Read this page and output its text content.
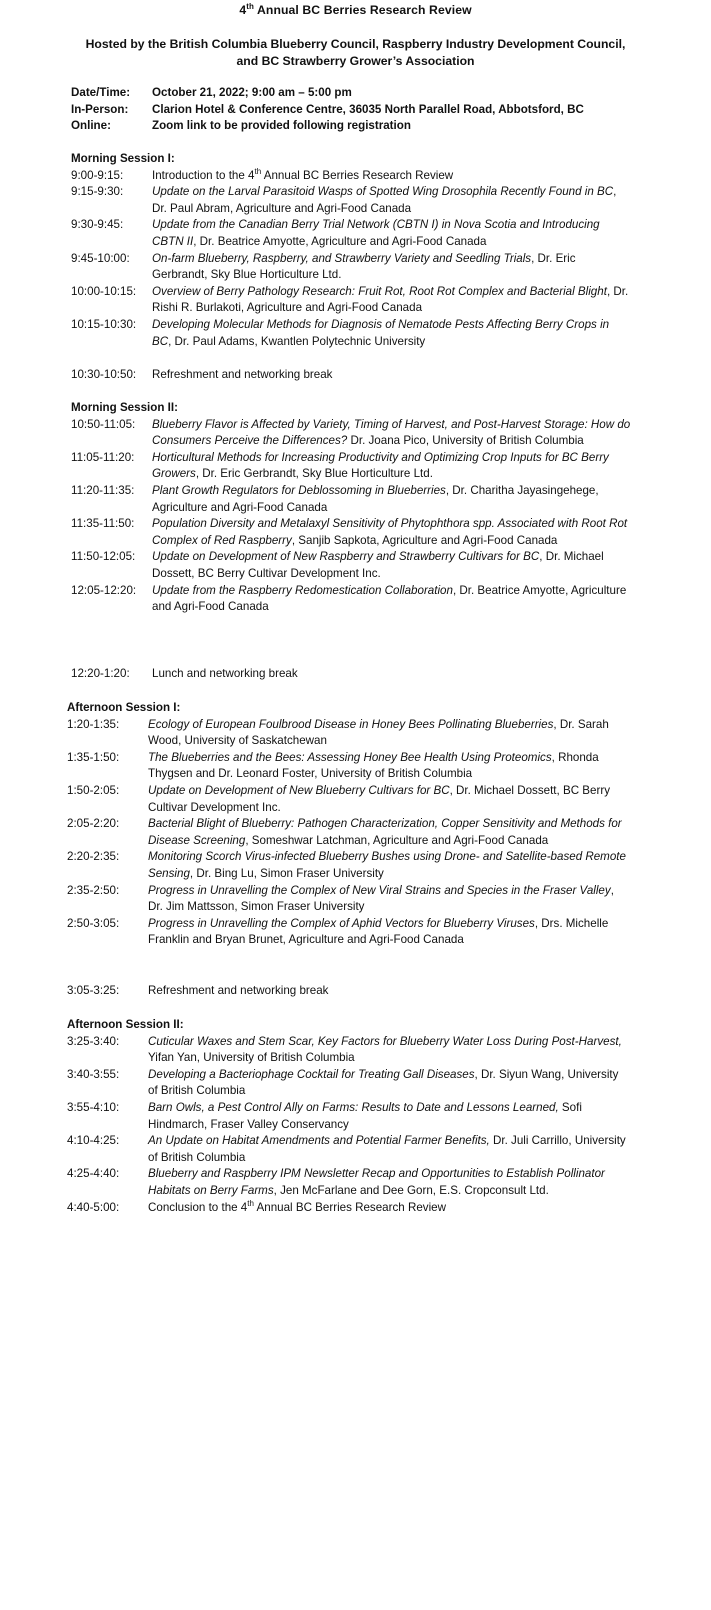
4th Annual BC Berries Research Review
Hosted by the British Columbia Blueberry Council, Raspberry Industry Development Council,
and BC Strawberry Grower’s Association
Date/Time: October 21, 2022; 9:00 am – 5:00 pm
In-Person: Clarion Hotel & Conference Centre, 36035 North Parallel Road, Abbotsford, BC
Online:	Zoom link to be provided following registration
Morning Session I:
9:00-9:15: Introduction to the 4th Annual BC Berries Research Review
9:15-9:30: Update on the Larval Parasitoid Wasps of Spotted Wing Drosophila Recently Found in BC, Dr. Paul Abram, Agriculture and Agri-Food Canada
9:30-9:45: Update from the Canadian Berry Trial Network (CBTN I) in Nova Scotia and Introducing CBTN II, Dr. Beatrice Amyotte, Agriculture and Agri-Food Canada
9:45-10:00: On-farm Blueberry, Raspberry, and Strawberry Variety and Seedling Trials, Dr. Eric Gerbrandt, Sky Blue Horticulture Ltd.
10:00-10:15: Overview of Berry Pathology Research: Fruit Rot, Root Rot Complex and Bacterial Blight, Dr. Rishi R. Burlakoti, Agriculture and Agri-Food Canada
10:15-10:30: Developing Molecular Methods for Diagnosis of Nematode Pests Affecting Berry Crops in BC, Dr. Paul Adams, Kwantlen Polytechnic University
10:30-10:50: Refreshment and networking break
Morning Session II:
10:50-11:05: Blueberry Flavor is Affected by Variety, Timing of Harvest, and Post-Harvest Storage: How do Consumers Perceive the Differences? Dr. Joana Pico, University of British Columbia
11:05-11:20: Horticultural Methods for Increasing Productivity and Optimizing Crop Inputs for BC Berry Growers, Dr. Eric Gerbrandt, Sky Blue Horticulture Ltd.
11:20-11:35: Plant Growth Regulators for Deblossoming in Blueberries, Dr. Charitha Jayasingehege, Agriculture and Agri-Food Canada
11:35-11:50: Population Diversity and Metalaxyl Sensitivity of Phytophthora spp. Associated with Root Rot Complex of Red Raspberry, Sanjib Sapkota, Agriculture and Agri-Food Canada
11:50-12:05: Update on Development of New Raspberry and Strawberry Cultivars for BC, Dr. Michael Dossett, BC Berry Cultivar Development Inc.
12:05-12:20: Update from the Raspberry Redomestication Collaboration, Dr. Beatrice Amyotte, Agriculture and Agri-Food Canada
12:20-1:20: Lunch and networking break
Afternoon Session I:
1:20-1:35: Ecology of European Foulbrood Disease in Honey Bees Pollinating Blueberries, Dr. Sarah Wood, University of Saskatchewan
1:35-1:50: The Blueberries and the Bees: Assessing Honey Bee Health Using Proteomics, Rhonda Thygsen and Dr. Leonard Foster, University of British Columbia
1:50-2:05: Update on Development of New Blueberry Cultivars for BC, Dr. Michael Dossett, BC Berry Cultivar Development Inc.
2:05-2:20: Bacterial Blight of Blueberry: Pathogen Characterization, Copper Sensitivity and Methods for Disease Screening, Someshwar Latchman, Agriculture and Agri-Food Canada
2:20-2:35: Monitoring Scorch Virus-infected Blueberry Bushes using Drone- and Satellite-based Remote Sensing, Dr. Bing Lu, Simon Fraser University
2:35-2:50: Progress in Unravelling the Complex of New Viral Strains and Species in the Fraser Valley, Dr. Jim Mattsson, Simon Fraser University
2:50-3:05: Progress in Unravelling the Complex of Aphid Vectors for Blueberry Viruses, Drs. Michelle Franklin and Bryan Brunet, Agriculture and Agri-Food Canada
3:05-3:25: Refreshment and networking break
Afternoon Session II:
3:25-3:40: Cuticular Waxes and Stem Scar, Key Factors for Blueberry Water Loss During Post-Harvest, Yifan Yan, University of British Columbia
3:40-3:55: Developing a Bacteriophage Cocktail for Treating Gall Diseases, Dr. Siyun Wang, University of British Columbia
3:55-4:10: Barn Owls, a Pest Control Ally on Farms: Results to Date and Lessons Learned, Sofi Hindmarch, Fraser Valley Conservancy
4:10-4:25: An Update on Habitat Amendments and Potential Farmer Benefits, Dr. Juli Carrillo, University of British Columbia
4:25-4:40: Blueberry and Raspberry IPM Newsletter Recap and Opportunities to Establish Pollinator Habitats on Berry Farms, Jen McFarlane and Dee Gorn, E.S. Cropconsult Ltd.
4:40-5:00: Conclusion to the 4th Annual BC Berries Research Review
